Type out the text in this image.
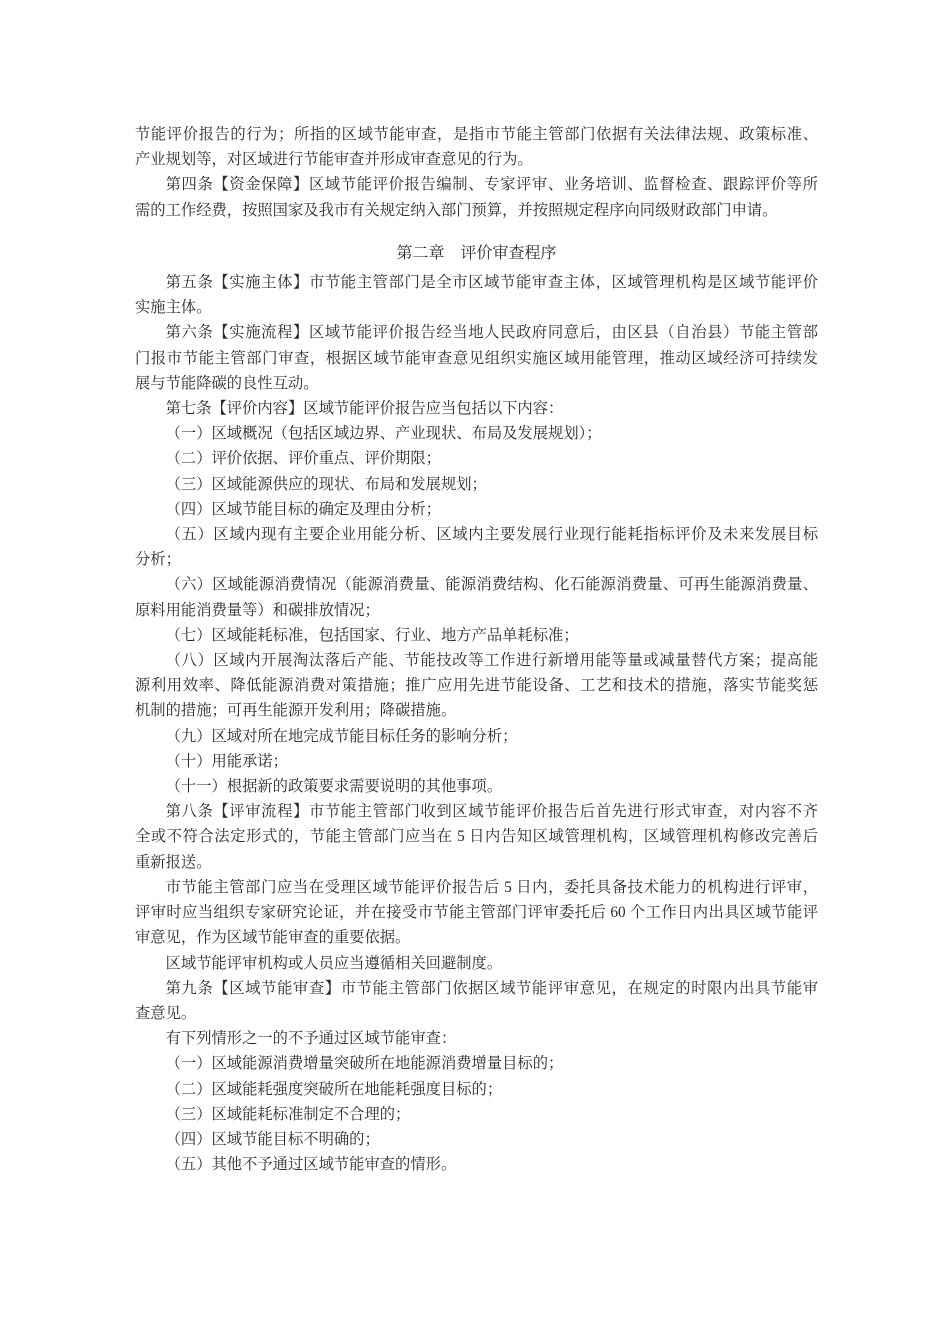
节能评价报告的行为；所指的区域节能审查，是指市节能主管部门依据有关法律法规、政策标准、
产业规划等，对区域进行节能审查并形成审查意见的行为。
第四条【资金保障】区域节能评价报告编制、专家评审、业务培训、监督检查、跟踪评价等所
需的工作经费，按照国家及我市有关规定纳入部门预算，并按照规定程序向同级财政部门申请。
第二章　评价审查程序
第五条【实施主体】市节能主管部门是全市区域节能审查主体，区域管理机构是区域节能评价
实施主体。
第六条【实施流程】区域节能评价报告经当地人民政府同意后，由区县（自治县）节能主管部
门报市节能主管部门审查，根据区域节能审查意见组织实施区域用能管理，推动区域经济可持续发
展与节能降碳的良性互动。
第七条【评价内容】区域节能评价报告应当包括以下内容：
（一）区域概况（包括区域边界、产业现状、布局及发展规划）；
（二）评价依据、评价重点、评价期限；
（三）区域能源供应的现状、布局和发展规划；
（四）区域节能目标的确定及理由分析；
（五）区域内现有主要企业用能分析、区域内主要发展行业现行能耗指标评价及未来发展目标
分析；
（六）区域能源消费情况（能源消费量、能源消费结构、化石能源消费量、可再生能源消费量、
原料用能消费量等）和碳排放情况；
（七）区域能耗标准，包括国家、行业、地方产品单耗标准；
（八）区域内开展淘汰落后产能、节能技改等工作进行新增用能等量或减量替代方案；提高能
源利用效率、降低能源消费对策措施；推广应用先进节能设备、工艺和技术的措施，落实节能奖惩
机制的措施；可再生能源开发利用；降碳措施。
（九）区域对所在地完成节能目标任务的影响分析；
（十）用能承诺；
（十一）根据新的政策要求需要说明的其他事项。
第八条【评审流程】市节能主管部门收到区域节能评价报告后首先进行形式审查，对内容不齐
全或不符合法定形式的，节能主管部门应当在 5 日内告知区域管理机构，区域管理机构修改完善后
重新报送。
市节能主管部门应当在受理区域节能评价报告后 5 日内，委托具备技术能力的机构进行评审，
评审时应当组织专家研究论证，并在接受市节能主管部门评审委托后 60 个工作日内出具区域节能评
审意见，作为区域节能审查的重要依据。
区域节能评审机构或人员应当遵循相关回避制度。
第九条【区域节能审查】市节能主管部门依据区域节能评审意见，在规定的时限内出具节能审
查意见。
有下列情形之一的不予通过区域节能审查：
（一）区域能源消费增量突破所在地能源消费增量目标的；
（二）区域能耗强度突破所在地能耗强度目标的；
（三）区域能耗标准制定不合理的；
（四）区域节能目标不明确的；
（五）其他不予通过区域节能审查的情形。
